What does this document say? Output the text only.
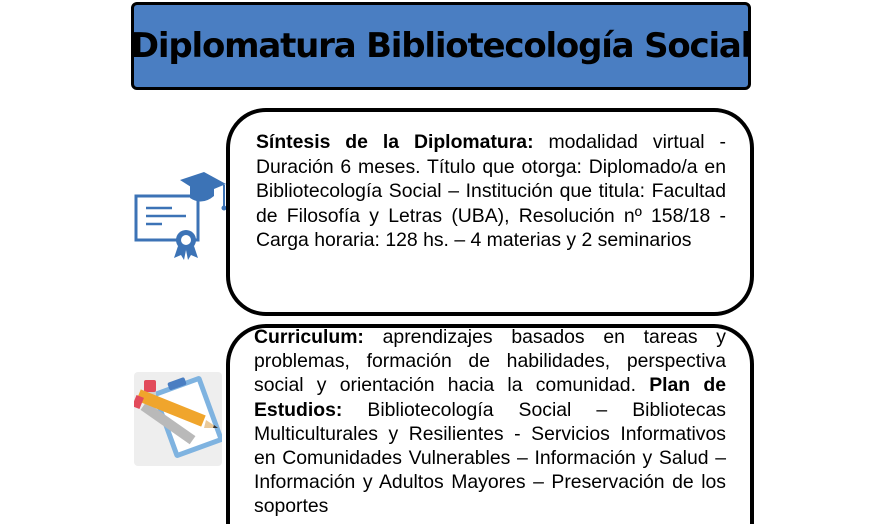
Diplomatura Bibliotecología Social

Síntesis de la Diplomatura: modalidad virtual - Duración 6 meses. Título que otorga: Diplomado/a en Bibliotecología Social – Institución que titula: Facultad de Filosofía y Letras (UBA), Resolución nº 158/18 - Carga horaria: 128 hs. – 4 materias y 2 seminarios

Curriculum: aprendizajes basados en tareas y problemas, formación de habilidades, perspectiva social y orientación hacia la comunidad. Plan de Estudios: Bibliotecología Social – Bibliotecas Multiculturales y Resilientes - Servicios Informativos en Comunidades Vulnerables – Información y Salud – Información y Adultos Mayores – Preservación de los soportes
